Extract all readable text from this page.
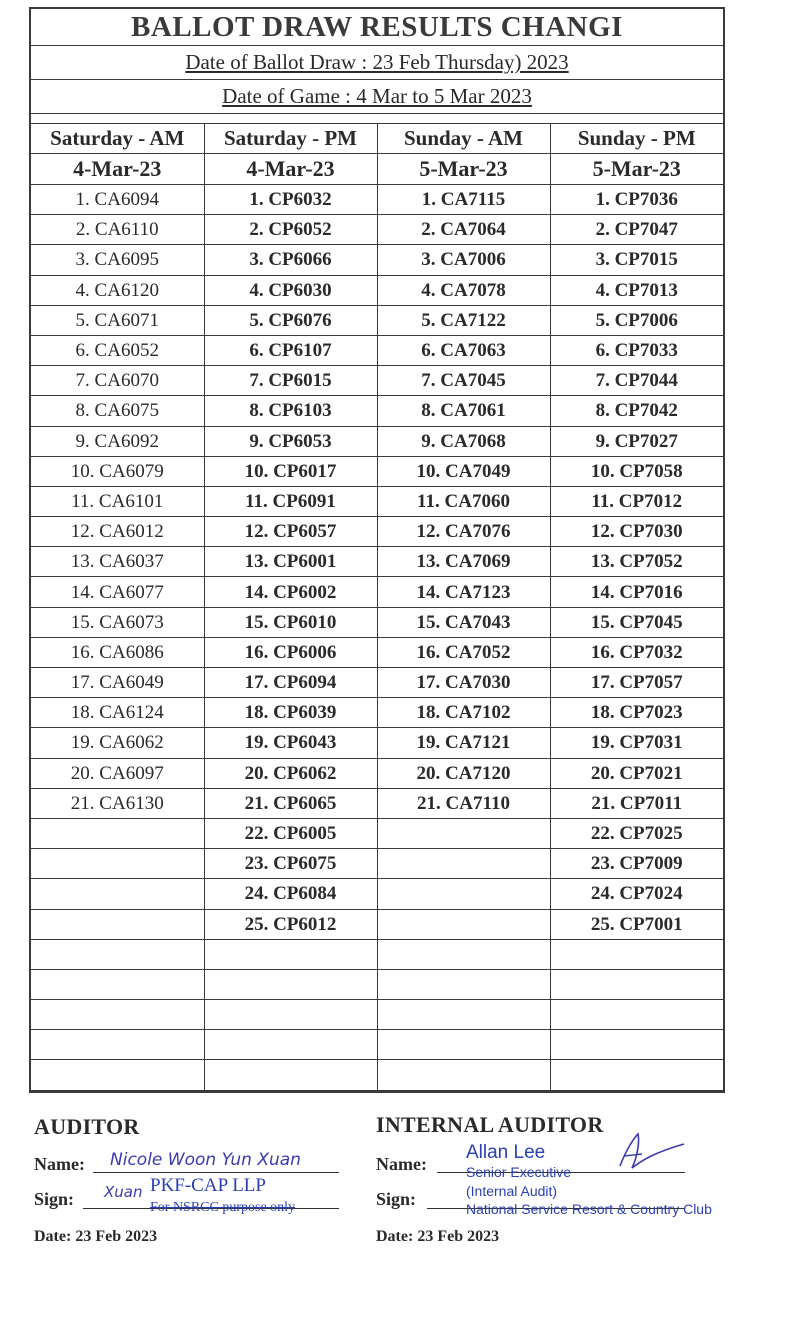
BALLOT DRAW RESULTS CHANGI
Date of Ballot Draw : 23 Feb Thursday) 2023
Date of Game : 4 Mar to 5 Mar 2023
Saturday - AM	Saturday - PM	Sunday - AM	Sunday - PM
4-Mar-23	4-Mar-23	5-Mar-23	5-Mar-23
1. CA6094	1. CP6032	1. CA7115	1. CP7036
2. CA6110	2. CP6052	2. CA7064	2. CP7047
3. CA6095	3. CP6066	3. CA7006	3. CP7015
4. CA6120	4. CP6030	4. CA7078	4. CP7013
5. CA6071	5. CP6076	5. CA7122	5. CP7006
6. CA6052	6. CP6107	6. CA7063	6. CP7033
7. CA6070	7. CP6015	7. CA7045	7. CP7044
8. CA6075	8. CP6103	8. CA7061	8. CP7042
9. CA6092	9. CP6053	9. CA7068	9. CP7027
10. CA6079	10. CP6017	10. CA7049	10. CP7058
11. CA6101	11. CP6091	11. CA7060	11. CP7012
12. CA6012	12. CP6057	12. CA7076	12. CP7030
13. CA6037	13. CP6001	13. CA7069	13. CP7052
14. CA6077	14. CP6002	14. CA7123	14. CP7016
15. CA6073	15. CP6010	15. CA7043	15. CP7045
16. CA6086	16. CP6006	16. CA7052	16. CP7032
17. CA6049	17. CP6094	17. CA7030	17. CP7057
18. CA6124	18. CP6039	18. CA7102	18. CP7023
19. CA6062	19. CP6043	19. CA7121	19. CP7031
20. CA6097	20. CP6062	20. CA7120	20. CP7021
21. CA6130	21. CP6065	21. CA7110	21. CP7011
	22. CP6005		22. CP7025
	23. CP6075		23. CP7009
	24. CP6084		24. CP7024
	25. CP6012		25. CP7001

AUDITOR
Name: Nicole Woon Yun Xuan
Sign: Xuan PKF-CAP LLP
For NSRCC purpose only
Date: 23 Feb 2023
INTERNAL AUDITOR
Name:
Allan Lee
Senior Executive
Sign:	(Internal Audit)
National Service Resort & Country Club
Date: 23 Feb 2023
